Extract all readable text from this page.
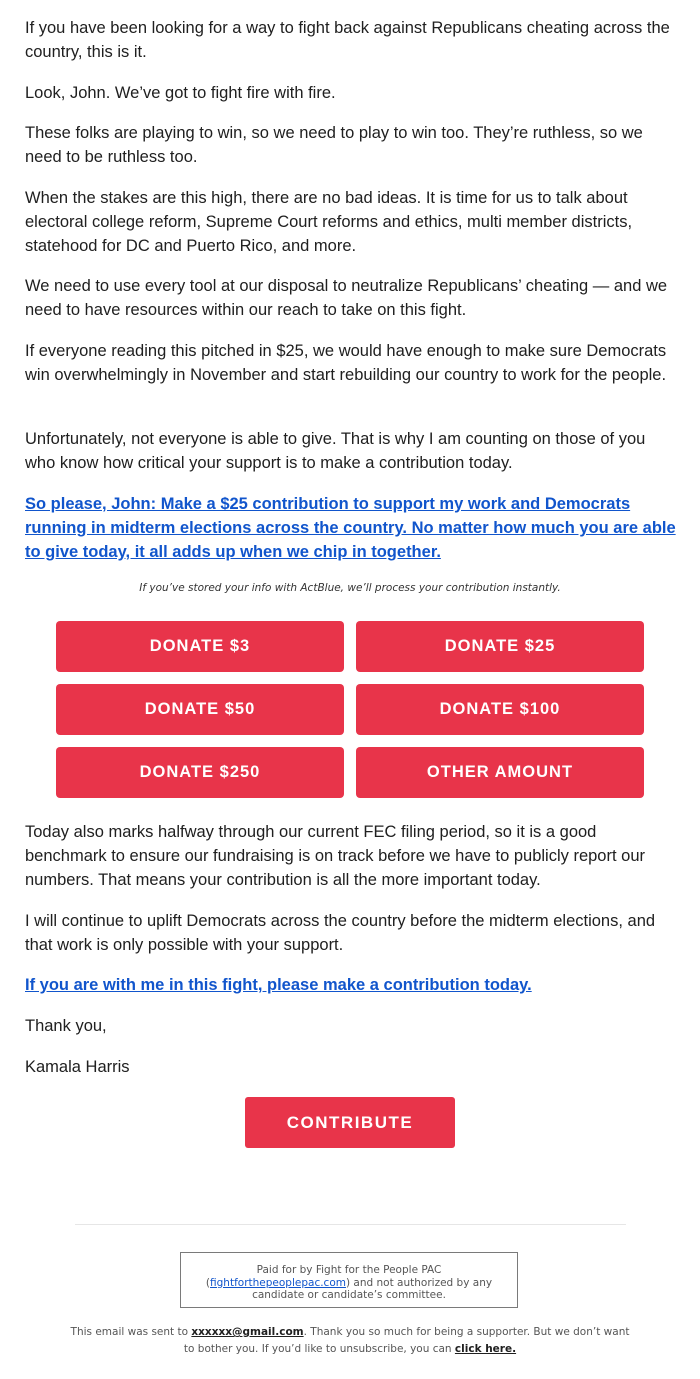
If you have been looking for a way to fight back against Republicans cheating across the country, this is it.

Look, John. We’ve got to fight fire with fire.

These folks are playing to win, so we need to play to win too. They’re ruthless, so we need to be ruthless too.

When the stakes are this high, there are no bad ideas. It is time for us to talk about electoral college reform, Supreme Court reforms and ethics, multi member districts, statehood for DC and Puerto Rico, and more.

We need to use every tool at our disposal to neutralize Republicans’ cheating — and we need to have resources within our reach to take on this fight.

If everyone reading this pitched in $25, we would have enough to make sure Democrats win overwhelmingly in November and start rebuilding our country to work for the people.

Unfortunately, not everyone is able to give. That is why I am counting on those of you who know how critical your support is to make a contribution today.

So please, John: Make a $25 contribution to support my work and Democrats running in midterm elections across the country. No matter how much you are able to give today, it all adds up when we chip in together.

If you’ve stored your info with ActBlue, we’ll process your contribution instantly.

DONATE $3	DONATE $25
DONATE $50	DONATE $100
DONATE $250	OTHER AMOUNT

Today also marks halfway through our current FEC filing period, so it is a good benchmark to ensure our fundraising is on track before we have to publicly report our numbers. That means your contribution is all the more important today.

I will continue to uplift Democrats across the country before the midterm elections, and that work is only possible with your support.

If you are with me in this fight, please make a contribution today.

Thank you,

Kamala Harris

CONTRIBUTE
Paid for by Fight for the People PAC
(fightforthepeoplepac.com) and not authorized by any candidate or candidate’s committee.
This email was sent to xxxxxx@gmail.com. Thank you so much for being a supporter. But we don’t want to bother you. If you’d like to unsubscribe, you can click here.
